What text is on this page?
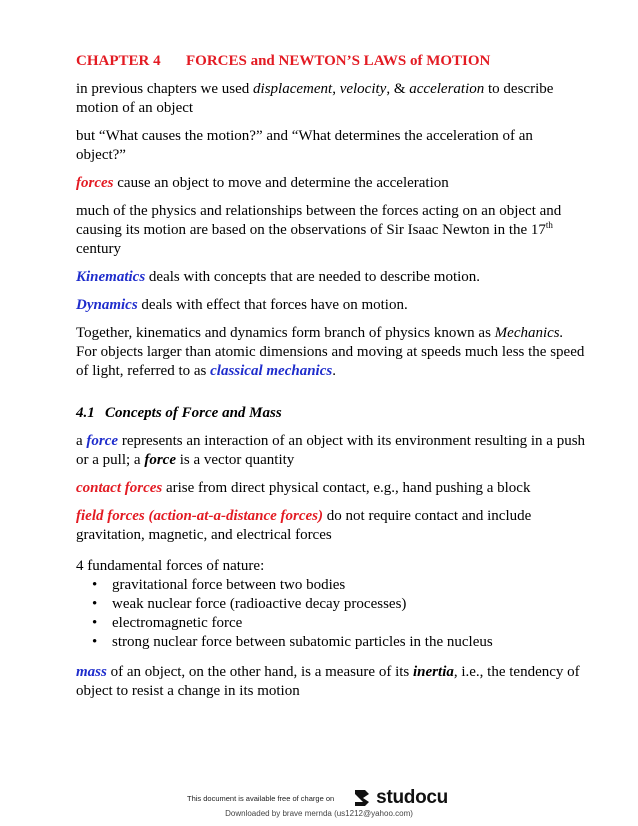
CHAPTER 4 FORCES and NEWTON’S LAWS of MOTION

in previous chapters we used displacement, velocity, & acceleration to describe motion of an object

but “What causes the motion?” and “What determines the acceleration of an object?”

forces cause an object to move and determine the acceleration

much of the physics and relationships between the forces acting on an object and causing its motion are based on the observations of Sir Isaac Newton in the 17th century

Kinematics deals with concepts that are needed to describe motion.

Dynamics deals with effect that forces have on motion.

Together, kinematics and dynamics form branch of physics known as Mechanics. For objects larger than atomic dimensions and moving at speeds much less the speed of light, referred to as classical mechanics.

4.1 Concepts of Force and Mass

a force represents an interaction of an object with its environment resulting in a push or a pull; a force is a vector quantity

contact forces arise from direct physical contact, e.g., hand pushing a block

field forces (action-at-a-distance forces) do not require contact and include gravitation, magnetic, and electrical forces

4 fundamental forces of nature:

• gravitational force between two bodies
• weak nuclear force (radioactive decay processes)
• electromagnetic force
• strong nuclear force between subatomic particles in the nucleus

mass of an object, on the other hand, is a measure of its inertia, i.e., the tendency of object to resist a change in its motion

This document is available free of charge on studocu
Downloaded by brave mernda (us1212@yahoo.com)
